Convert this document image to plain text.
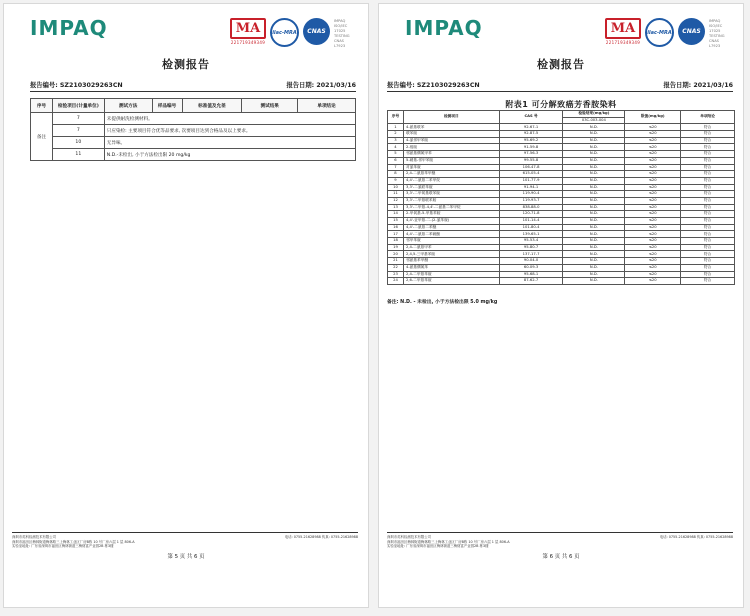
IMPAQ	MA
221719349349
ilac-MRA	CNAS
IMPAQ
ISO/IEC
17025
TESTING
CNAS L7923
检测报告
报告编号: SZ2103029263CN	报告日期: 2021/03/16
序号	检验项目(计量单位)	测试方法	样品编号	标准值及允差	测试结果	单项结论
备注	7	未提供耐洗检测材料。				
	7	只应染检: 主要项目符合优等品要求, 次要项目达到合格品及以上要求。				
	10	无异味。				
	11	N.D.-未检出, 小于方法检出限 20 mg/kg				
深圳市英科检测技术有限公司
深圳市福田区梅林街道梅林路三上梅林工业区厂房B栋 10 号厂房六层 1 层 806-A
实验室地址: 广东省深圳市福田区梅林街道三梅财富产业园2B 栋3楼
电话: 0755-21628988 传真: 0755-21628988
第 5 页 共 6 页
IMPAQ	MA
221719349349
ilac-MRA	CNAS
IMPAQ
ISO/IEC
17025
TESTING
CNAS L7923
检测报告
报告编号: SZ2103029263CN	报告日期: 2021/03/16
附表1 可分解致癌芳香胺染料
序号	检测项目	CAS 号	检验结果(mg/kg)	限值(mg/kg)	单项结论
			03C-003-004		
1	4-氨基联苯	92-67-1	N.D.	≤20	符合
2	联苯胺	92-87-5	N.D.	≤20	符合
3	4-氯邻甲苯胺	95-69-2	N.D.	≤20	符合
4	2-萘胺	91-59-8	N.D.	≤20	符合
5	邻氨基偶氮甲苯	97-56-3	N.D.	≤20	符合
6	5-硝基-邻甲苯胺	99-55-8	N.D.	≤20	符合
7	对氯苯胺	106-47-8	N.D.	≤20	符合
8	2,4-二氨基苯甲醚	615-05-4	N.D.	≤20	符合
9	4,4'-二氨基二苯甲烷	101-77-9	N.D.	≤20	符合
10	3,3'-二氯联苯胺	91-94-1	N.D.	≤20	符合
11	3,3'-二甲氧基联苯胺	119-90-4	N.D.	≤20	符合
12	3,3'-二甲基联苯胺	119-93-7	N.D.	≤20	符合
13	3,3'-二甲基-4,4'-二氨基二苯甲烷	838-88-0	N.D.	≤20	符合
14	2-甲氧基-5-甲基苯胺	120-71-8	N.D.	≤20	符合
15	4,4'-亚甲基-二-(2-氯苯胺)	101-14-4	N.D.	≤20	符合
16	4,4'-二氨基二苯醚	101-80-4	N.D.	≤20	符合
17	4,4'-二氨基二苯硫醚	139-65-1	N.D.	≤20	符合
18	邻甲苯胺	95-53-4	N.D.	≤20	符合
19	2,4-二氨基甲苯	95-80-7	N.D.	≤20	符合
20	2,4,5-三甲基苯胺	137-17-7	N.D.	≤20	符合
21	邻氨基苯甲醚	90-04-0	N.D.	≤20	符合
22	4-氨基偶氮苯	60-09-3	N.D.	≤20	符合
23	2,4-二甲基苯胺	95-68-1	N.D.	≤20	符合
24	2,6-二甲基苯胺	87-62-7	N.D.	≤20	符合
备注: N.D. - 未检出, 小于方法检出限 5.0 mg/kg
深圳市英科检测技术有限公司
深圳市福田区梅林街道梅林路三上梅林工业区厂房B栋 10 号厂房六层 1 层 806-A
实验室地址: 广东省深圳市福田区梅林街道三梅财富产业园2B 栋3楼
电话: 0755-21628988 传真: 0755-21628988
第 6 页 共 6 页
